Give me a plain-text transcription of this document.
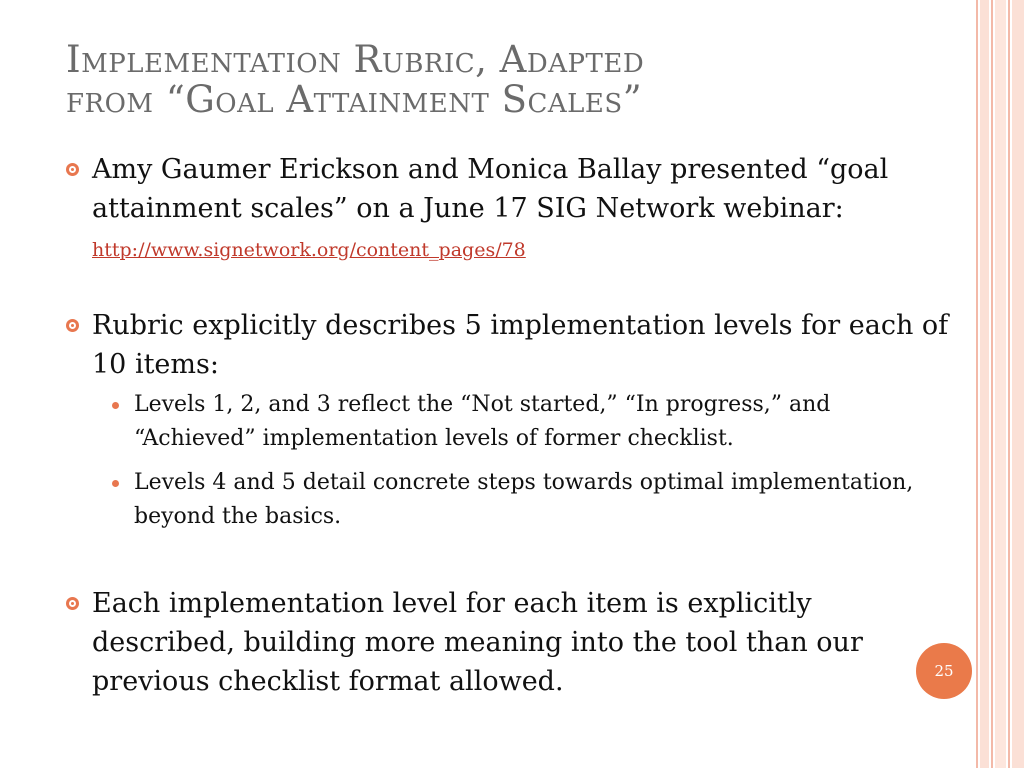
Implementation Rubric, Adapted
from “Goal Attainment Scales”
Amy Gaumer Erickson and Monica Ballay presented “goal attainment scales” on a June 17 SIG Network webinar: http://www.signetwork.org/content_pages/78
Rubric explicitly describes 5 implementation levels for each of 10 items:
Levels 1, 2, and 3 reflect the “Not started,” “In progress,” and “Achieved” implementation levels of former checklist.
Levels 4 and 5 detail concrete steps towards optimal implementation, beyond the basics.
Each implementation level for each item is explicitly described, building more meaning into the tool than our previous checklist format allowed.	25
